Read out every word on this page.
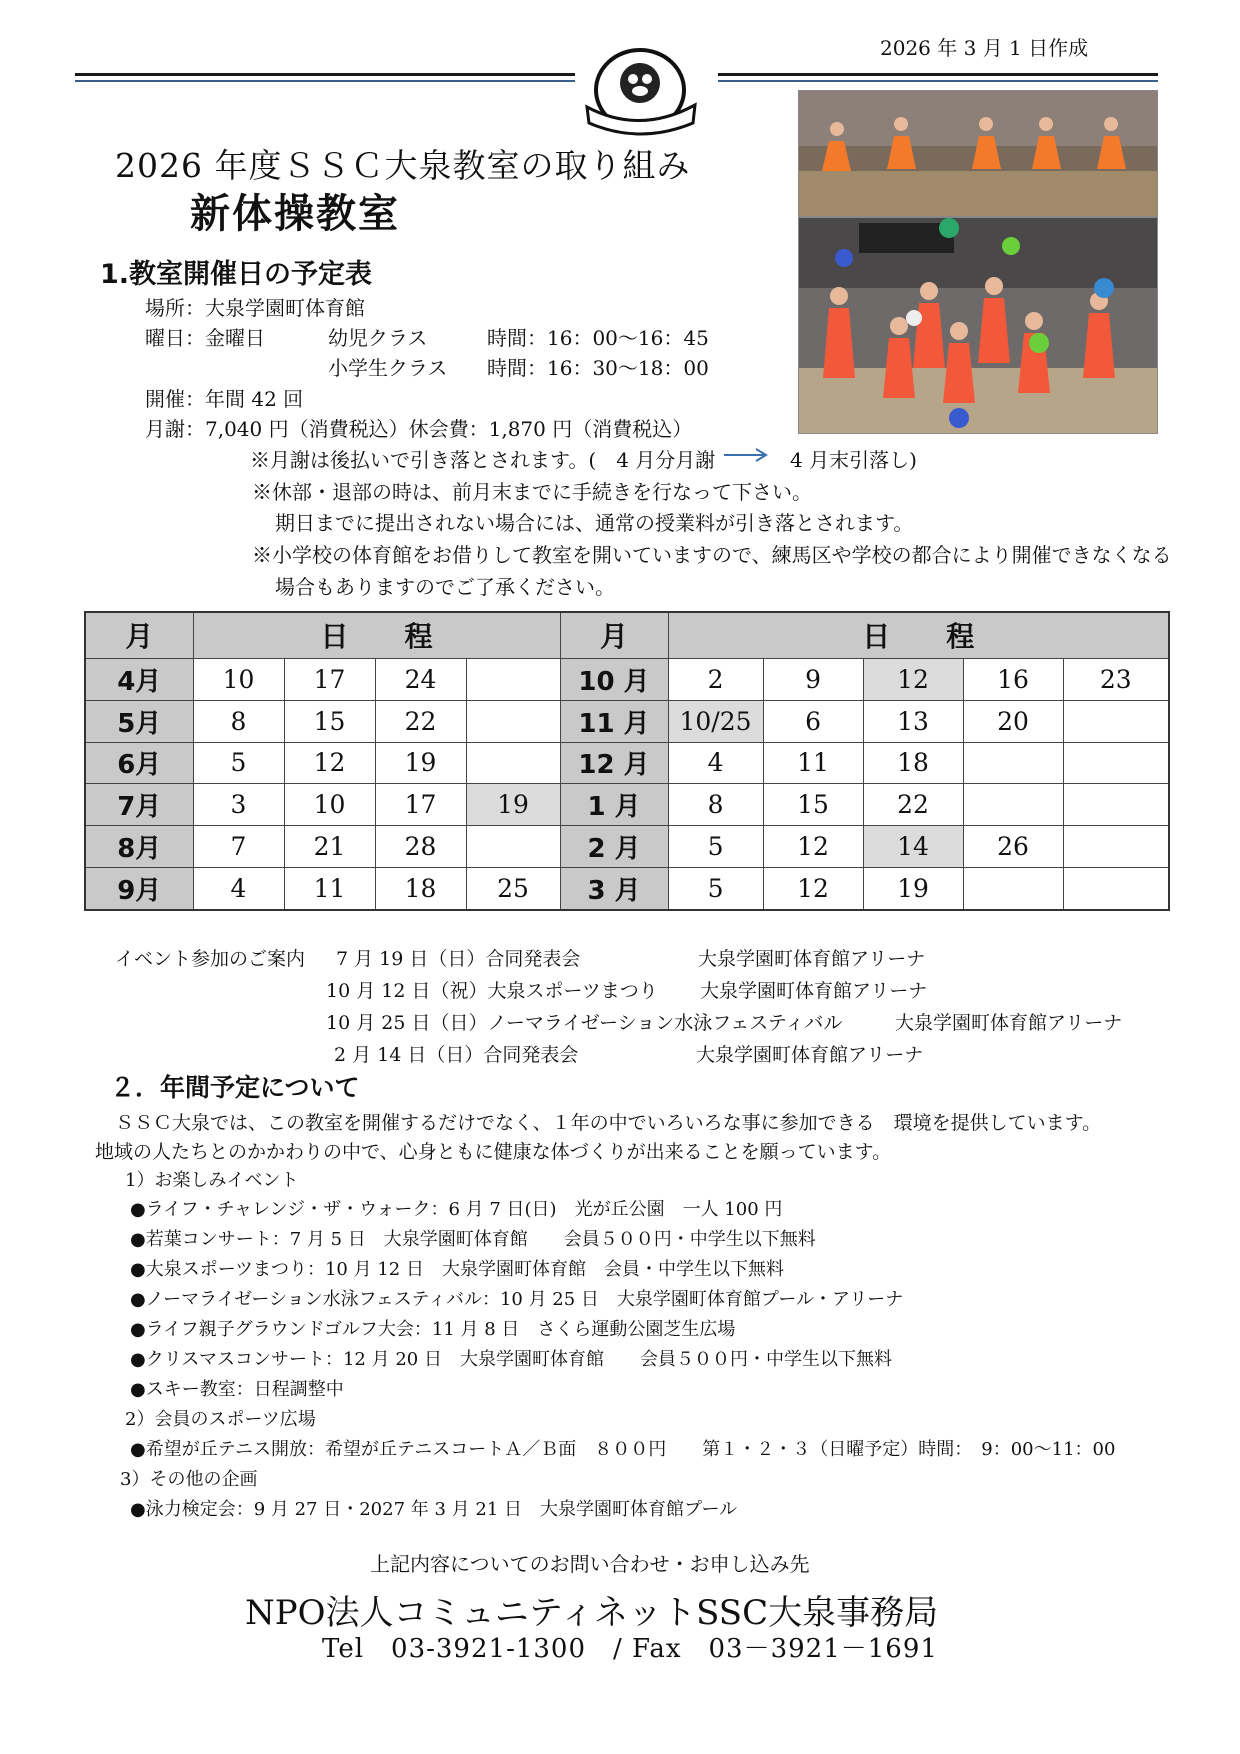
2026 年 3 月 1 日作成
2026 年度ＳＳＣ大泉教室の取り組み
新体操教室
1.教室開催日の予定表
場所：大泉学園町体育館
曜日：金曜日	幼児クラス	時間：16：00～16：45
小学生クラス 時間：16：30～18：00
開催：年間 42 回
月謝：7,040 円（消費税込）休会費：1,870 円（消費税込）
※月謝は後払いで引き落とされます。(　4 月分月謝	4 月末引落し)
※休部・退部の時は、前月末までに手続きを行なって下さい。
期日までに提出されない場合には、通常の授業料が引き落とされます。
※小学校の体育館をお借りして教室を開いていますので、練馬区や学校の都合により開催できなくなる
場合もありますのでご了承ください。
月	日　　程				月	日　　程				
4月	10	17	24		10 月	2	9	12	16	23
5月	8	15	22		11 月	10/25	6	13	20	
6月	5	12	19		12 月	4	11	18		
7月	3	10	17	19	1 月	8	15	22		
8月	7	21	28		2 月	5	12	14	26	
9月	4	11	18	25	3 月	5	12	19		
イベント参加のご案内 7 月 19 日（日）合同発表会	大泉学園町体育館アリーナ
10 月 12 日（祝）大泉スポーツまつり 大泉学園町体育館アリーナ
10 月 25 日（日）ノーマライゼーション水泳フェスティバル	大泉学園町体育館アリーナ
2 月 14 日（日）合同発表会	大泉学園町体育館アリーナ
２．年間予定について
ＳＳＣ大泉では、この教室を開催するだけでなく、１年の中でいろいろな事に参加できる　環境を提供しています。
地域の人たちとのかかわりの中で、心身ともに健康な体づくりが出来ることを願っています。
1）お楽しみイベント
●ライフ・チャレンジ・ザ・ウォーク：6 月 7 日(日)　光が丘公園　一人 100 円
●若葉コンサート：7 月 5 日　大泉学園町体育館　　会員５００円・中学生以下無料
●大泉スポーツまつり：10 月 12 日　大泉学園町体育館　会員・中学生以下無料
●ノーマライゼーション水泳フェスティバル：10 月 25 日　大泉学園町体育館プール・アリーナ
●ライフ親子グラウンドゴルフ大会：11 月 8 日　さくら運動公園芝生広場
●クリスマスコンサート：12 月 20 日　大泉学園町体育館　　会員５００円・中学生以下無料
●スキー教室：日程調整中
2）会員のスポーツ広場
●希望が丘テニス開放：希望が丘テニスコートＡ／Ｂ面　８００円　　第１・２・３（日曜予定）時間：　9：00～11：00
3）その他の企画
●泳力検定会：9 月 27 日・2027 年 3 月 21 日　大泉学園町体育館プール
上記内容についてのお問い合わせ・お申し込み先
NPO法人コミュニティネットSSC大泉事務局
Tel　03-3921-1300　/ Fax　03－3921－1691
